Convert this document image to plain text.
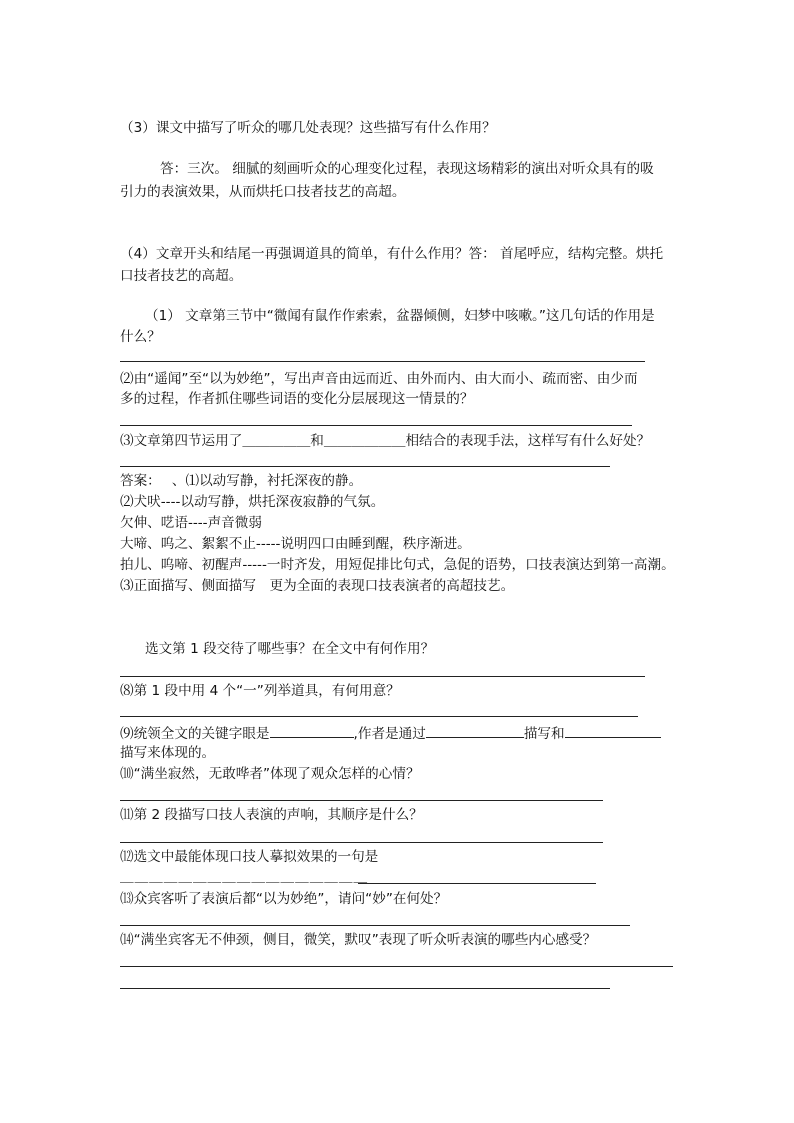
（3）课文中描写了听众的哪几处表现？这些描写有什么作用？
答：三次。 细腻的刻画听众的心理变化过程，表现这场精彩的演出对听众具有的吸
引力的表演效果，从而烘托口技者技艺的高超。
（4）文章开头和结尾一再强调道具的简单，有什么作用？答： 首尾呼应，结构完整。烘托
口技者技艺的高超。
（1） 文章第三节中“微闻有鼠作作索索，盆器倾侧，妇梦中咳嗽。”这几句话的作用是
什么？
⑵由“遥闻”至“以为妙绝”，写出声音由远而近、由外而内、由大而小、疏而密、由少而
多的过程，作者抓住哪些词语的变化分层展现这一情景的？
⑶文章第四节运用了＿＿＿＿＿和＿＿＿＿＿＿相结合的表现手法，这样写有什么好处？
答案：　 、⑴以动写静，衬托深夜的静。
⑵犬吠----以动写静，烘托深夜寂静的气氛。
欠伸、呓语----声音微弱
大啼、呜之、絮絮不止-----说明四口由睡到醒，秩序渐进。
拍儿、呜啼、初醒声-----一时齐发，用短促排比句式，急促的语势，口技表演达到第一高潮。
⑶正面描写、侧面描写　更为全面的表现口技表演者的高超技艺。
选文第 1 段交待了哪些事？在全文中有何作用？
⑻第 1 段中用 4 个“一”列举道具，有何用意？
⑼统领全文的关键字眼是	,作者是通过	描写和
描写来体现的。
⑽“满坐寂然，无敢哗者”体现了观众怎样的心情？
⑾第 2 段描写口技人表演的声响，其顺序是什么？
⑿选文中最能体现口技人摹拟效果的一句是
＿＿＿＿＿＿＿＿＿＿＿＿＿＿＿＿＿
⒀众宾客听了表演后都“以为妙绝”，请问“妙”在何处？
⒁“满坐宾客无不伸颈，侧目，微笑，默叹”表现了听众听表演的哪些内心感受？
